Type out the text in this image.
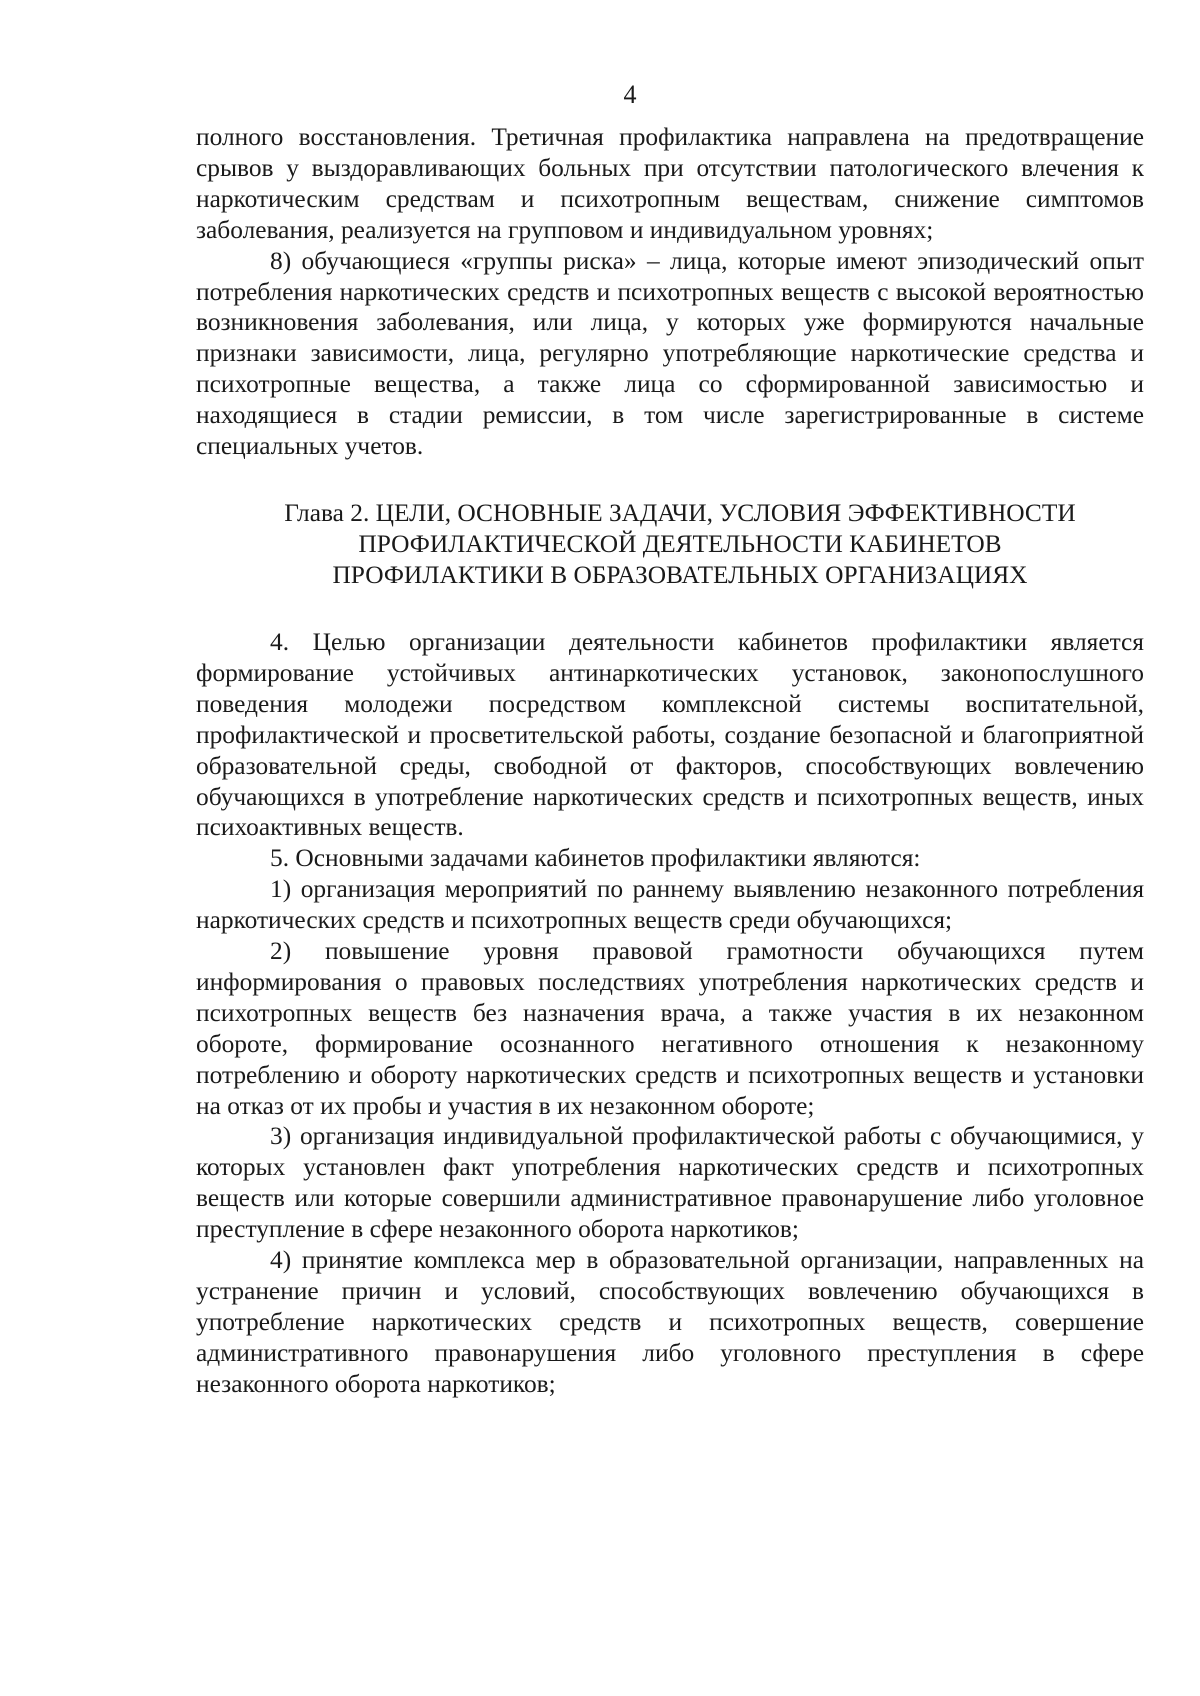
4

полного восстановления. Третичная профилактика направлена на предотвращение срывов у выздоравливающих больных при отсутствии патологического влечения к наркотическим средствам и психотропным веществам, снижение симптомов заболевания, реализуется на групповом и индивидуальном уровнях;

8) обучающиеся «группы риска» – лица, которые имеют эпизодический опыт потребления наркотических средств и психотропных веществ с высокой вероятностью возникновения заболевания, или лица, у которых уже формируются начальные признаки зависимости, лица, регулярно употребляющие наркотические средства и психотропные вещества, а также лица со сформированной зависимостью и находящиеся в стадии ремиссии, в том числе зарегистрированные в системе специальных учетов.

Глава 2. ЦЕЛИ, ОСНОВНЫЕ ЗАДАЧИ, УСЛОВИЯ ЭФФЕКТИВНОСТИ
ПРОФИЛАКТИЧЕСКОЙ ДЕЯТЕЛЬНОСТИ КАБИНЕТОВ
ПРОФИЛАКТИКИ В ОБРАЗОВАТЕЛЬНЫХ ОРГАНИЗАЦИЯХ

4. Целью организации деятельности кабинетов профилактики является формирование устойчивых антинаркотических установок, законопослушного поведения молодежи посредством комплексной системы воспитательной, профилактической и просветительской работы, создание безопасной и благоприятной образовательной среды, свободной от факторов, способствующих вовлечению обучающихся в употребление наркотических средств и психотропных веществ, иных психоактивных веществ.

5. Основными задачами кабинетов профилактики являются:

1) организация мероприятий по раннему выявлению незаконного потребления наркотических средств и психотропных веществ среди обучающихся;

2) повышение уровня правовой грамотности обучающихся путем информирования о правовых последствиях употребления наркотических средств и психотропных веществ без назначения врача, а также участия в их незаконном обороте, формирование осознанного негативного отношения к незаконному потреблению и обороту наркотических средств и психотропных веществ и установки на отказ от их пробы и участия в их незаконном обороте;

3) организация индивидуальной профилактической работы с обучающимися, у которых установлен факт употребления наркотических средств и психотропных веществ или которые совершили административное правонарушение либо уголовное преступление в сфере незаконного оборота наркотиков;

4) принятие комплекса мер в образовательной организации, направленных на устранение причин и условий, способствующих вовлечению обучающихся в употребление наркотических средств и психотропных веществ, совершение административного правонарушения либо уголовного преступления в сфере незаконного оборота наркотиков;
